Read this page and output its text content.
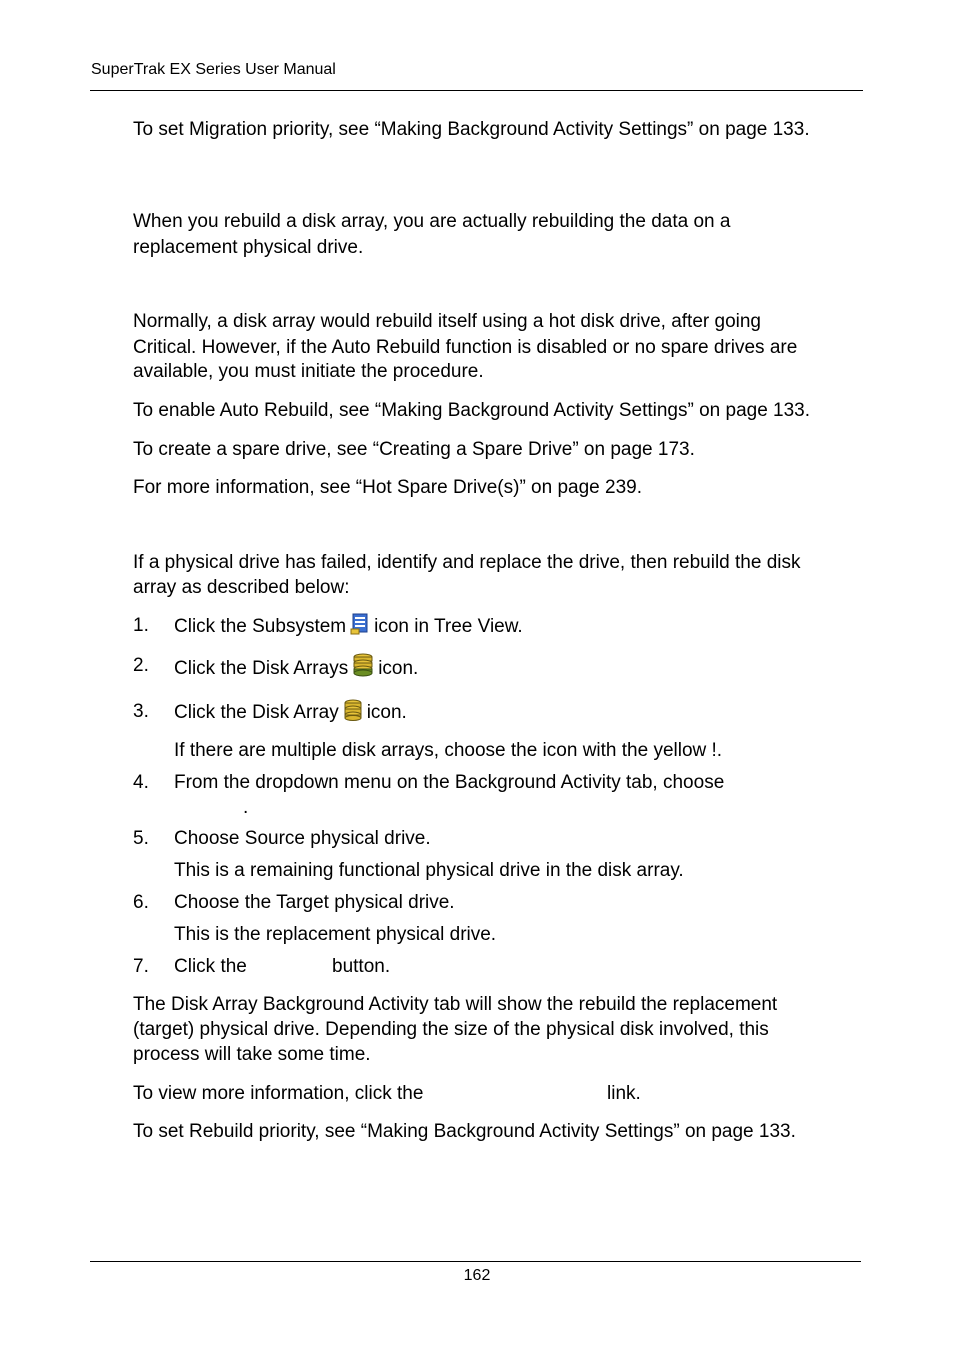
SuperTrak EX Series User Manual
To set Migration priority, see “Making Background Activity Settings” on page 133.
When you rebuild a disk array, you are actually rebuilding the data on a
replacement physical drive.
Normally, a disk array would rebuild itself using a hot disk drive, after going
Critical. However, if the Auto Rebuild function is disabled or no spare drives are
available, you must initiate the procedure.
To enable Auto Rebuild, see “Making Background Activity Settings” on page 133.
To create a spare drive, see “Creating a Spare Drive” on page 173.
For more information, see “Hot Spare Drive(s)” on page 239.
If a physical drive has failed, identify and replace the drive, then rebuild the disk
array as described below:
1. Click the Subsystem icon in Tree View.
2. Click the Disk Arrays icon.
3. Click the Disk Array icon.
If there are multiple disk arrays, choose the icon with the yellow !.
4. From the dropdown menu on the Background Activity tab, choose
.
5. Choose Source physical drive.
This is a remaining functional physical drive in the disk array.
6. Choose the Target physical drive.
This is the replacement physical drive.
7. Click the	button.
The Disk Array Background Activity tab will show the rebuild the replacement
(target) physical drive. Depending the size of the physical disk involved, this
process will take some time.
To view more information, click the	link.
To set Rebuild priority, see “Making Background Activity Settings” on page 133.
162
